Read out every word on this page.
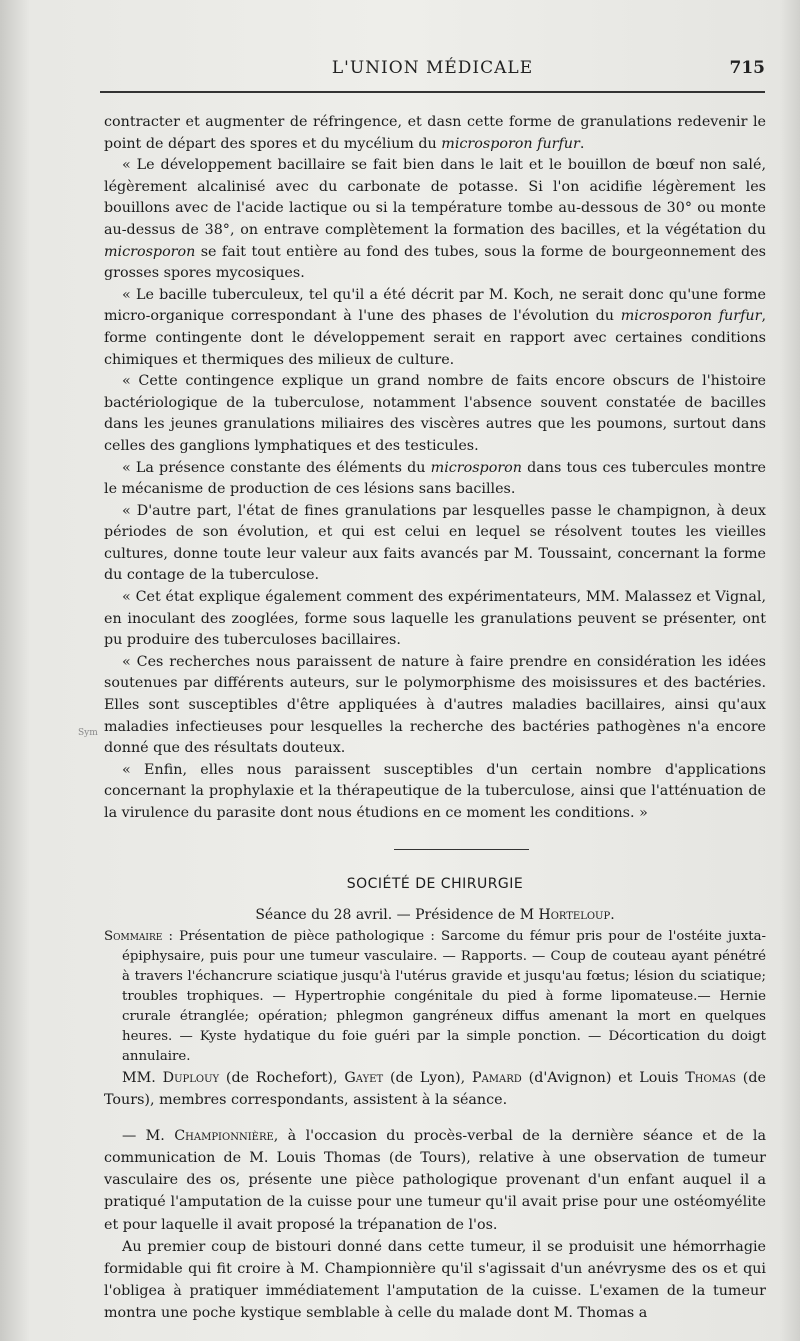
L'UNION MÉDICALE	715
Sym

contracter et augmenter de réfringence, et dasn cette forme de granulations redevenir le point de départ des spores et du mycélium du microsporon furfur.

« Le développement bacillaire se fait bien dans le lait et le bouillon de bœuf non salé, légèrement alcalinisé avec du carbonate de potasse. Si l'on acidifie légèrement les bouillons avec de l'acide lactique ou si la température tombe au-dessous de 30° ou monte au-dessus de 38°, on entrave complètement la formation des bacilles, et la végétation du microsporon se fait tout entière au fond des tubes, sous la forme de bourgeonnement des grosses spores mycosiques.

« Le bacille tuberculeux, tel qu'il a été décrit par M. Koch, ne serait donc qu'une forme micro-organique correspondant à l'une des phases de l'évolution du microsporon furfur, forme contingente dont le développement serait en rapport avec certaines conditions chimiques et thermiques des milieux de culture.

« Cette contingence explique un grand nombre de faits encore obscurs de l'histoire bactériologique de la tuberculose, notamment l'absence souvent constatée de bacilles dans les jeunes granulations miliaires des viscères autres que les poumons, surtout dans celles des ganglions lymphatiques et des testicules.

« La présence constante des éléments du microsporon dans tous ces tubercules montre le mécanisme de production de ces lésions sans bacilles.

« D'autre part, l'état de fines granulations par lesquelles passe le champignon, à deux périodes de son évolution, et qui est celui en lequel se résolvent toutes les vieilles cultures, donne toute leur valeur aux faits avancés par M. Toussaint, concernant la forme du contage de la tuberculose.

« Cet état explique également comment des expérimentateurs, MM. Malassez et Vignal, en inoculant des zooglées, forme sous laquelle les granulations peuvent se présenter, ont pu produire des tuberculoses bacillaires.

« Ces recherches nous paraissent de nature à faire prendre en considération les idées soutenues par différents auteurs, sur le polymorphisme des moisissures et des bactéries. Elles sont susceptibles d'être appliquées à d'autres maladies bacillaires, ainsi qu'aux maladies infectieuses pour lesquelles la recherche des bactéries pathogènes n'a encore donné que des résultats douteux.

« Enfin, elles nous paraissent susceptibles d'un certain nombre d'applications concernant la prophylaxie et la thérapeutique de la tuberculose, ainsi que l'atténuation de la virulence du parasite dont nous étudions en ce moment les conditions. »

SOCIÉTÉ DE CHIRURGIE
Séance du 28 avril. — Présidence de M Horteloup.

Sommaire : Présentation de pièce pathologique : Sarcome du fémur pris pour de l'ostéite juxta-épiphysaire, puis pour une tumeur vasculaire. — Rapports. — Coup de couteau ayant pénétré à travers l'échancrure sciatique jusqu'à l'utérus gravide et jusqu'au fœtus; lésion du sciatique; troubles trophiques. — Hypertrophie congénitale du pied à forme lipomateuse.— Hernie crurale étranglée; opération; phlegmon gangréneux diffus amenant la mort en quelques heures. — Kyste hydatique du foie guéri par la simple ponction. — Décortication du doigt annulaire.

MM. Duplouy (de Rochefort), Gayet (de Lyon), Pamard (d'Avignon) et Louis Thomas (de Tours), membres correspondants, assistent à la séance.

— M. Championnière, à l'occasion du procès-verbal de la dernière séance et de la communication de M. Louis Thomas (de Tours), relative à une observation de tumeur vasculaire des os, présente une pièce pathologique provenant d'un enfant auquel il a pratiqué l'amputation de la cuisse pour une tumeur qu'il avait prise pour une ostéomyélite et pour laquelle il avait proposé la trépanation de l'os.

Au premier coup de bistouri donné dans cette tumeur, il se produisit une hémorrhagie formidable qui fit croire à M. Championnière qu'il s'agissait d'un anévrysme des os et qui l'obligea à pratiquer immédiatement l'amputation de la cuisse. L'examen de la tumeur montra une poche kystique semblable à celle du malade dont M. Thomas a
